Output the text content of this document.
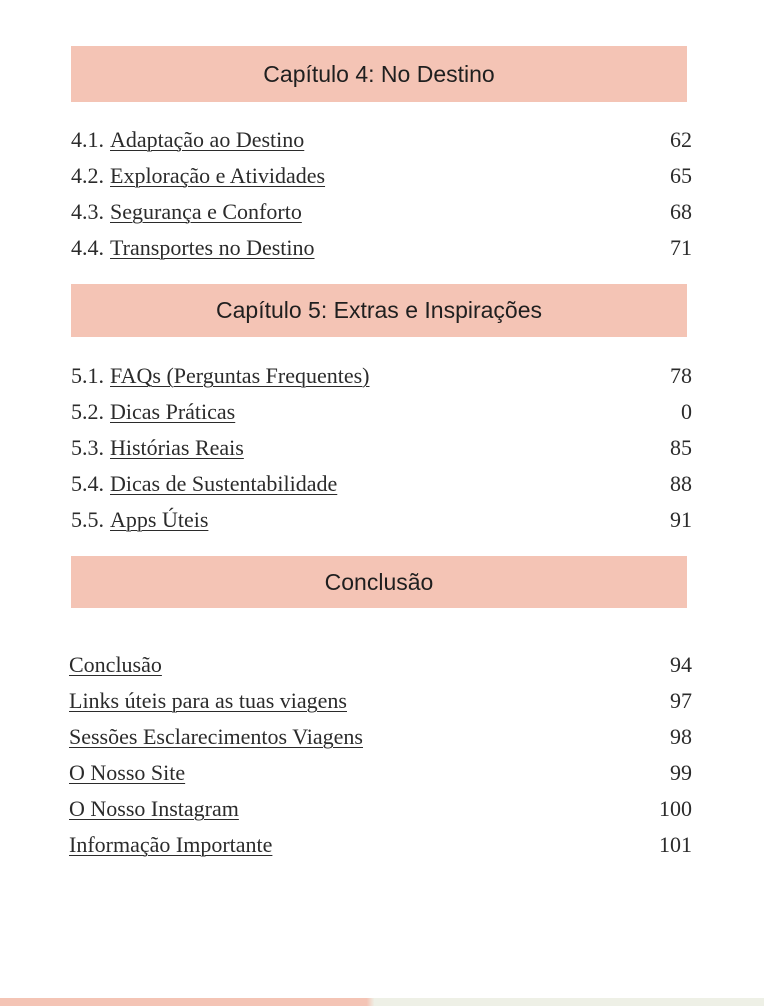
Capítulo 4: No Destino
4.1. Adaptação ao Destino	62
4.2. Exploração e Atividades	65
4.3. Segurança e Conforto	68
4.4. Transportes no Destino	71
Capítulo 5: Extras e Inspirações
5.1. FAQs (Perguntas Frequentes)	78
5.2. Dicas Práticas	0
5.3. Histórias Reais	85
5.4. Dicas de Sustentabilidade	88
5.5. Apps Úteis	91
Conclusão
Conclusão	94
Links úteis para as tuas viagens	97
Sessões Esclarecimentos Viagens	98
O Nosso Site	99
O Nosso Instagram	100
Informação Importante	101
